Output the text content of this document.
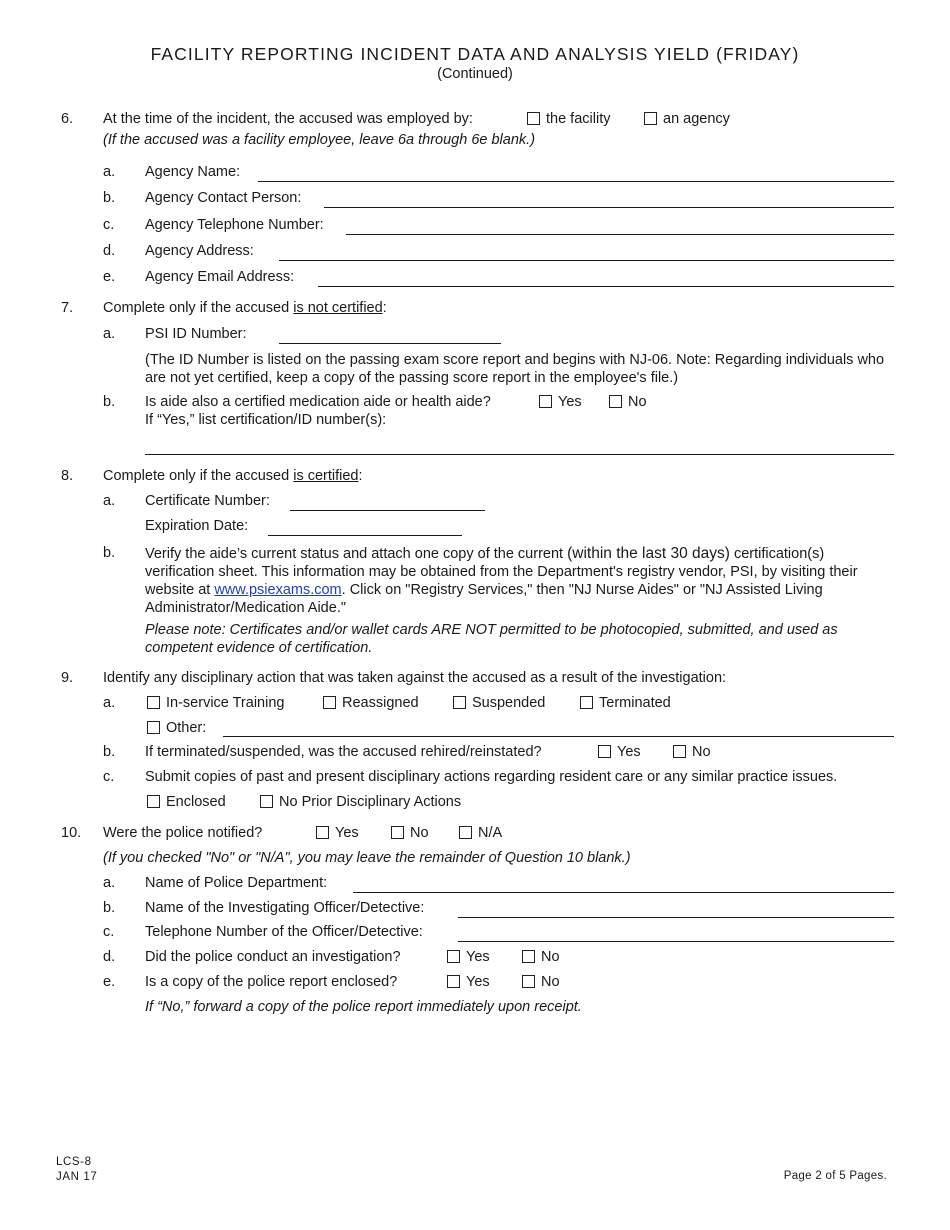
FACILITY REPORTING INCIDENT DATA AND ANALYSIS YIELD (FRIDAY)
(Continued)
6. At the time of the incident, the accused was employed by:	the facility	an agency
(If the accused was a facility employee, leave 6a through 6e blank.)
a. Agency Name:
b. Agency Contact Person:
c. Agency Telephone Number:
d. Agency Address:
e. Agency Email Address:
7. Complete only if the accused is not certified:
a. PSI ID Number:
(The ID Number is listed on the passing exam score report and begins with NJ-06. Note: Regarding individuals who are not yet certified, keep a copy of the passing score report in the employee's file.)
b. Is aide also a certified medication aide or health aide?	Yes	No
If “Yes,” list certification/ID number(s):
8. Complete only if the accused is certified:
a. Certificate Number:
Expiration Date:
b. Verify the aide’s current status and attach one copy of the current (within the last 30 days) certification(s) verification sheet. This information may be obtained from the Department's registry vendor, PSI, by visiting their website at www.psiexams.com. Click on "Registry Services," then "NJ Nurse Aides" or "NJ Assisted Living Administrator/Medication Aide."
Please note: Certificates and/or wallet cards ARE NOT permitted to be photocopied, submitted, and used as competent evidence of certification.
9. Identify any disciplinary action that was taken against the accused as a result of the investigation:
a.	In-service Training	Reassigned	Suspended	Terminated
Other:
b. If terminated/suspended, was the accused rehired/reinstated?	Yes	No
c. Submit copies of past and present disciplinary actions regarding resident care or any similar practice issues.
Enclosed	No Prior Disciplinary Actions
10. Were the police notified?	Yes	No	N/A
(If you checked "No" or "N/A", you may leave the remainder of Question 10 blank.)
a. Name of Police Department:
b. Name of the Investigating Officer/Detective:
c. Telephone Number of the Officer/Detective:
d. Did the police conduct an investigation?	Yes	No
e. Is a copy of the police report enclosed?	Yes	No
If “No,” forward a copy of the police report immediately upon receipt.
LCS-8
JAN 17	Page 2 of 5 Pages.
